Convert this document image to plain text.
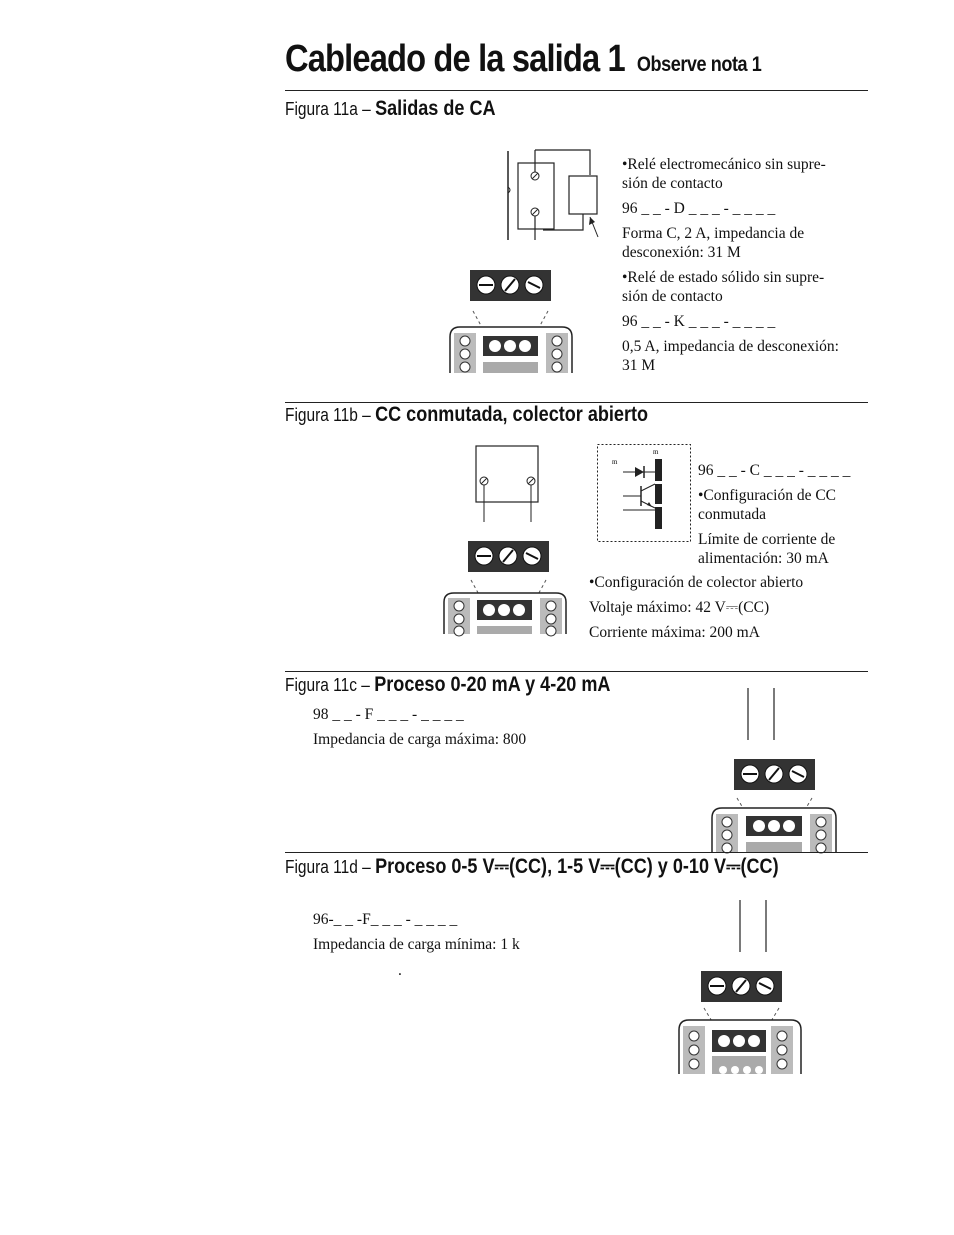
Cableado de la salida 1 Observe nota 1
Figura 11a – Salidas de CA
•Relé electromecánico sin supre-
sión de contacto
96 _ _ - D _ _ _ - _ _ _ _
Forma C, 2 A, impedancia de
desconexión: 31 M
•Relé de estado sólido sin supre-
sión de contacto
96 _ _ - K _ _ _ - _ _ _ _
0,5 A, impedancia de desconexión:
31 M
Figura 11b – CC conmutada, colector abierto
m
m
96 _ _ - C _ _ _ - _ _ _ _
•Configuración de CC
conmutada
Límite de corriente de
alimentación: 30 mA
•Configuración de colector abierto
Voltaje máximo: 42 V⎓(CC)
Corriente máxima: 200 mA
Figura 11c – Proceso 0-20 mA y 4-20 mA
98 _ _ - F _ _ _ - _ _ _ _
Impedancia de carga máxima: 800
Figura 11d – Proceso 0-5 V⎓(CC), 1-5 V⎓(CC) y 0-10 V⎓(CC)
96-_ _ -F_ _ _ - _ _ _ _
Impedancia de carga mínima: 1 k
.
